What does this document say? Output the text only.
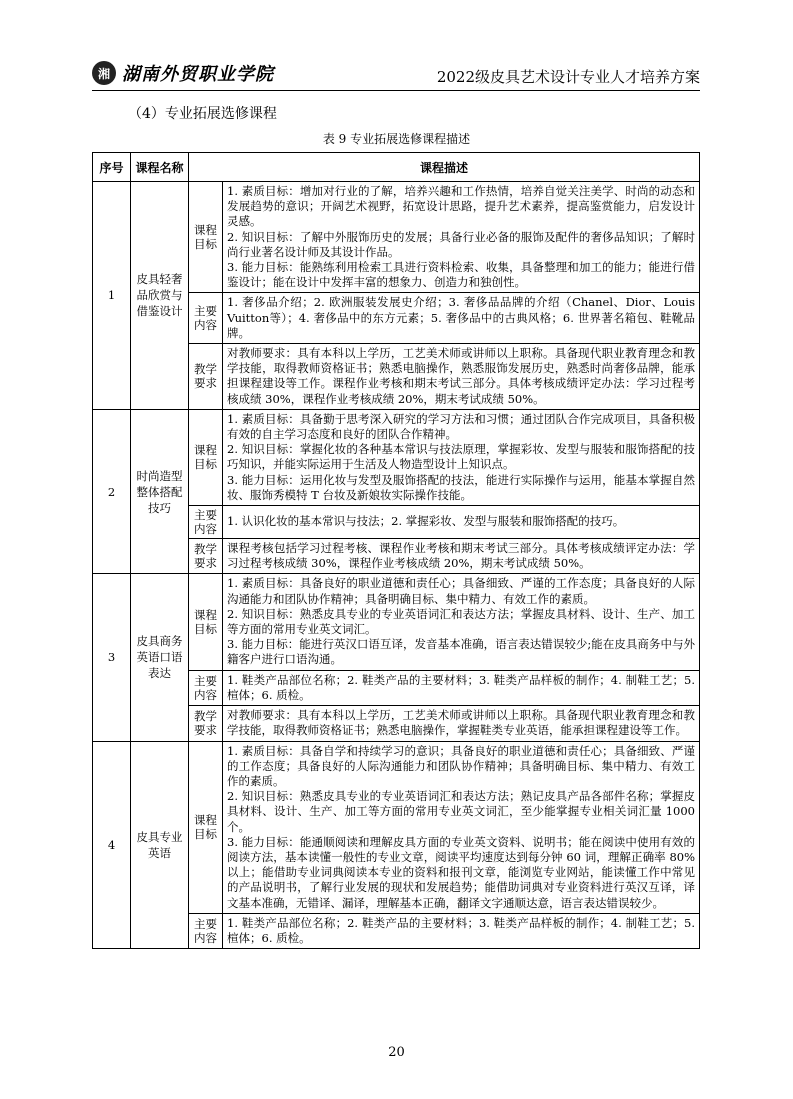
湘 湖南外贸职业学院	2022级皮具艺术设计专业人才培养方案
（4）专业拓展选修课程
表 9 专业拓展选修课程描述
序号	课程名称	课程描述	
1	皮具轻奢品欣赏与借鉴设计	课程目标	1. 素质目标：增加对行业的了解，培养兴趣和工作热情，培养自觉关注美学、时尚的动态和发展趋势的意识；开阔艺术视野，拓宽设计思路，提升艺术素养，提高鉴赏能力，启发设计灵感。
2. 知识目标：了解中外服饰历史的发展；具备行业必备的服饰及配件的奢侈品知识；了解时尚行业著名设计师及其设计作品。
3. 能力目标：能熟练利用检索工具进行资料检索、收集，具备整理和加工的能力；能进行借鉴设计；能在设计中发挥丰富的想象力、创造力和独创性。
		主要内容	1. 奢侈品介绍；2. 欧洲服装发展史介绍；3. 奢侈品品牌的介绍（Chanel、Dior、Louis Vuitton等）；4. 奢侈品中的东方元素；5. 奢侈品中的古典风格；6. 世界著名箱包、鞋靴品牌。
		教学要求	对教师要求：具有本科以上学历，工艺美术师或讲师以上职称。具备现代职业教育理念和教学技能，取得教师资格证书；熟悉电脑操作，熟悉服饰发展历史，熟悉时尚奢侈品牌，能承担课程建设等工作。课程作业考核和期末考试三部分。具体考核成绩评定办法：学习过程考核成绩 30%，课程作业考核成绩 20%，期末考试成绩 50%。
2	时尚造型整体搭配技巧	课程目标	1. 素质目标：具备勤于思考深入研究的学习方法和习惯；通过团队合作完成项目，具备积极有效的自主学习态度和良好的团队合作精神。
2. 知识目标：掌握化妆的各种基本常识与技法原理，掌握彩妆、发型与服装和服饰搭配的技巧知识，并能实际运用于生活及人物造型设计上知识点。
3. 能力目标：运用化妆与发型及服饰搭配的技法，能进行实际操作与运用，能基本掌握自然妆、服饰秀模特 T 台妆及新娘妆实际操作技能。
		主要内容	1. 认识化妆的基本常识与技法；2. 掌握彩妆、发型与服装和服饰搭配的技巧。
		教学要求	课程考核包括学习过程考核、课程作业考核和期末考试三部分。具体考核成绩评定办法：学习过程考核成绩 30%，课程作业考核成绩 20%，期末考试成绩 50%。
3	皮具商务英语口语表达	课程目标	1. 素质目标：具备良好的职业道德和责任心；具备细致、严谨的工作态度；具备良好的人际沟通能力和团队协作精神；具备明确目标、集中精力、有效工作的素质。
2. 知识目标：熟悉皮具专业的专业英语词汇和表达方法；掌握皮具材料、设计、生产、加工等方面的常用专业英文词汇。
3. 能力目标：能进行英汉口语互译，发音基本准确，语言表达错误较少;能在皮具商务中与外籍客户进行口语沟通。
		主要内容	1. 鞋类产品部位名称；2. 鞋类产品的主要材料；3. 鞋类产品样板的制作；4. 制鞋工艺；5. 楦体；6. 质检。
		教学要求	对教师要求：具有本科以上学历，工艺美术师或讲师以上职称。具备现代职业教育理念和教学技能，取得教师资格证书；熟悉电脑操作，掌握鞋类专业英语，能承担课程建设等工作。
4	皮具专业英语	课程目标	1. 素质目标：具备自学和持续学习的意识；具备良好的职业道德和责任心；具备细致、严谨的工作态度；具备良好的人际沟通能力和团队协作精神；具备明确目标、集中精力、有效工作的素质。
2. 知识目标：熟悉皮具专业的专业英语词汇和表达方法；熟记皮具产品各部件名称；掌握皮具材料、设计、生产、加工等方面的常用专业英文词汇，至少能掌握专业相关词汇量 1000 个。
3. 能力目标：能通顺阅读和理解皮具方面的专业英文资料、说明书；能在阅读中使用有效的阅读方法，基本读懂一般性的专业文章，阅读平均速度达到每分钟 60 词，理解正确率 80%以上；能借助专业词典阅读本专业的资料和报刊文章，能浏览专业网站，能读懂工作中常见的产品说明书，了解行业发展的现状和发展趋势；能借助词典对专业资料进行英汉互译，译文基本准确，无错译、漏译，理解基本正确，翻译文字通顺达意，语言表达错误较少。
		主要内容	1. 鞋类产品部位名称；2. 鞋类产品的主要材料；3. 鞋类产品样板的制作；4. 制鞋工艺；5. 楦体；6. 质检。
20
